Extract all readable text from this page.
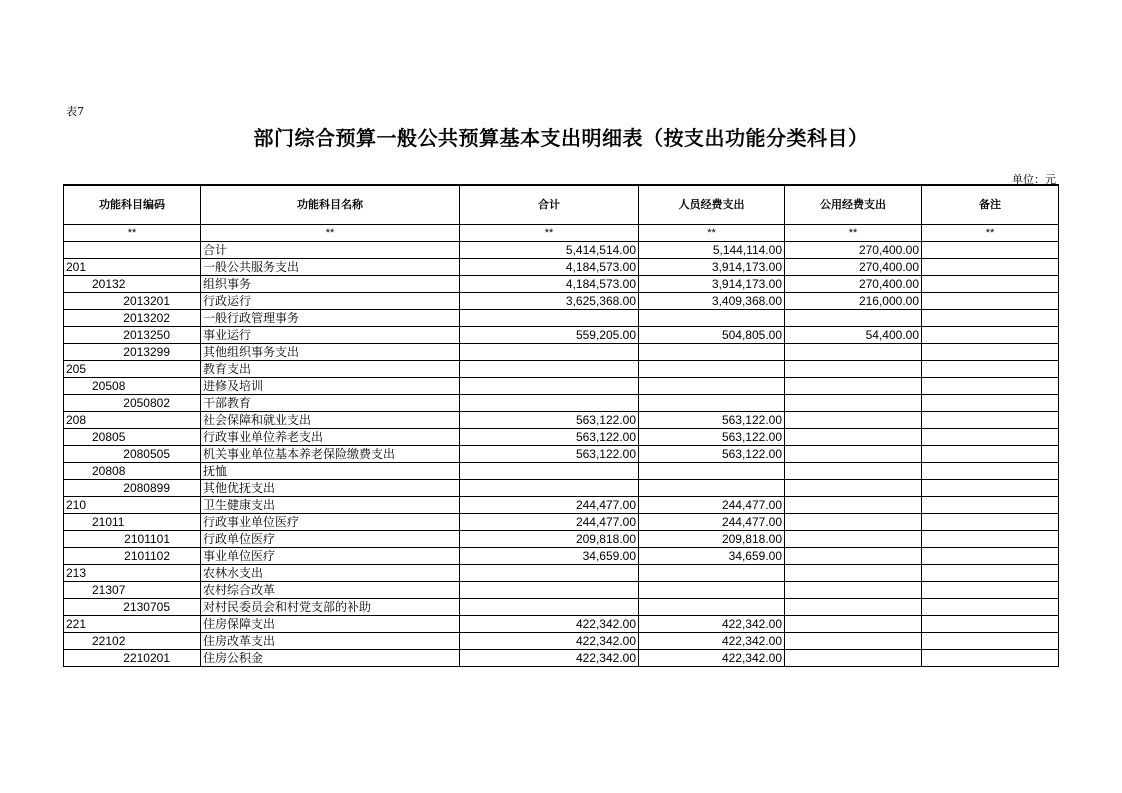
表7
部门综合预算一般公共预算基本支出明细表（按支出功能分类科目）
单位：元
功能科目编码	功能科目名称	合计	人员经费支出	公用经费支出	备注
**	**	**	**	**	**
	合计	5,414,514.00	5,144,114.00	270,400.00	
201	一般公共服务支出	4,184,573.00	3,914,173.00	270,400.00	
20132	组织事务	4,184,573.00	3,914,173.00	270,400.00	
2013201	行政运行	3,625,368.00	3,409,368.00	216,000.00	
2013202	一般行政管理事务				
2013250	事业运行	559,205.00	504,805.00	54,400.00	
2013299	其他组织事务支出				
205	教育支出				
20508	进修及培训				
2050802	干部教育				
208	社会保障和就业支出	563,122.00	563,122.00		
20805	行政事业单位养老支出	563,122.00	563,122.00		
2080505	机关事业单位基本养老保险缴费支出	563,122.00	563,122.00		
20808	抚恤				
2080899	其他优抚支出				
210	卫生健康支出	244,477.00	244,477.00		
21011	行政事业单位医疗	244,477.00	244,477.00		
2101101	行政单位医疗	209,818.00	209,818.00		
2101102	事业单位医疗	34,659.00	34,659.00		
213	农林水支出				
21307	农村综合改革				
2130705	对村民委员会和村党支部的补助				
221	住房保障支出	422,342.00	422,342.00		
22102	住房改革支出	422,342.00	422,342.00		
2210201	住房公积金	422,342.00	422,342.00		
